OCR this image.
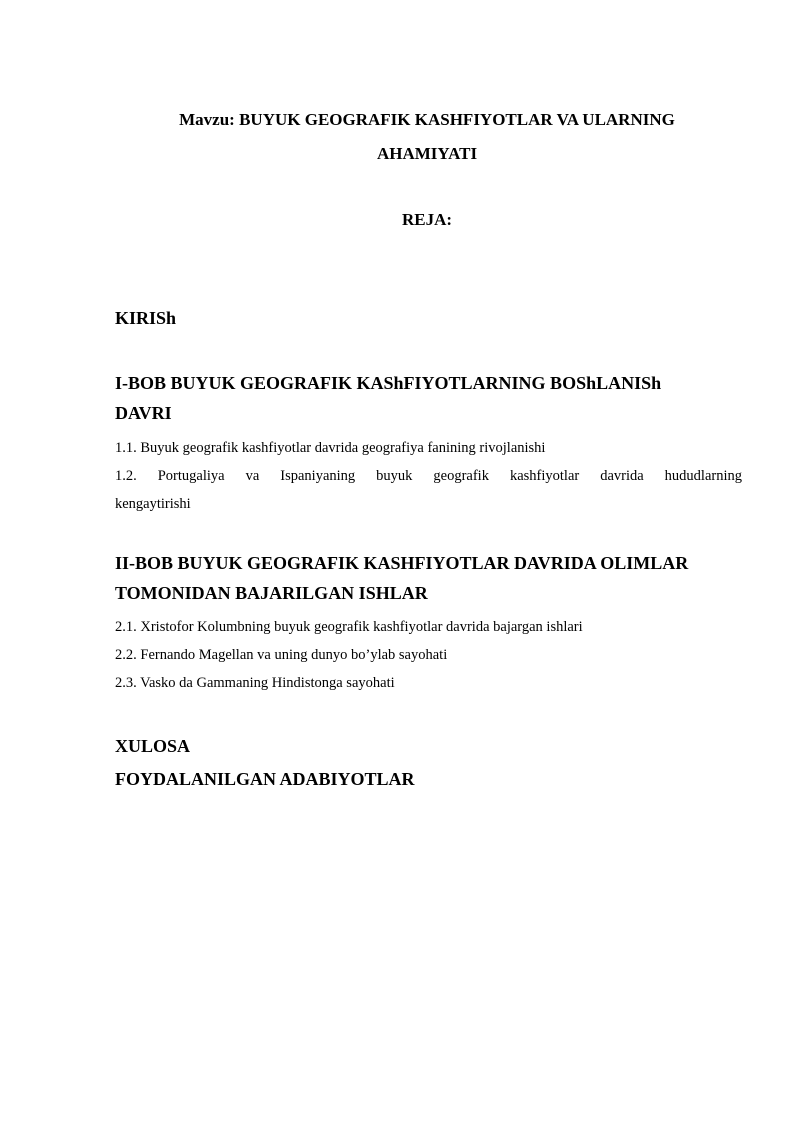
Mavzu: BUYUK GEOGRAFIK KASHFIYOTLAR VA ULARNING
AHAMIYATI
REJA:
KIRISh
I-BOB BUYUK GEOGRAFIK KAShFIYOTLARNING BOShLANISh
DAVRI
1.1. Buyuk geografik kashfiyotlar davrida geografiya fanining rivojlanishi
1.2. Portugaliya va Ispaniyaning buyuk geografik kashfiyotlar davrida hududlarning
kengaytirishi
II-BOB BUYUK GEOGRAFIK KASHFIYOTLAR DAVRIDA OLIMLAR
TOMONIDAN BAJARILGAN ISHLAR
2.1. Xristofor Kolumbning buyuk geografik kashfiyotlar davrida bajargan ishlari
2.2. Fernando Magellan va uning dunyo bo’ylab sayohati
2.3. Vasko da Gammaning Hindistonga sayohati
XULOSA
FOYDALANILGAN ADABIYOTLAR
